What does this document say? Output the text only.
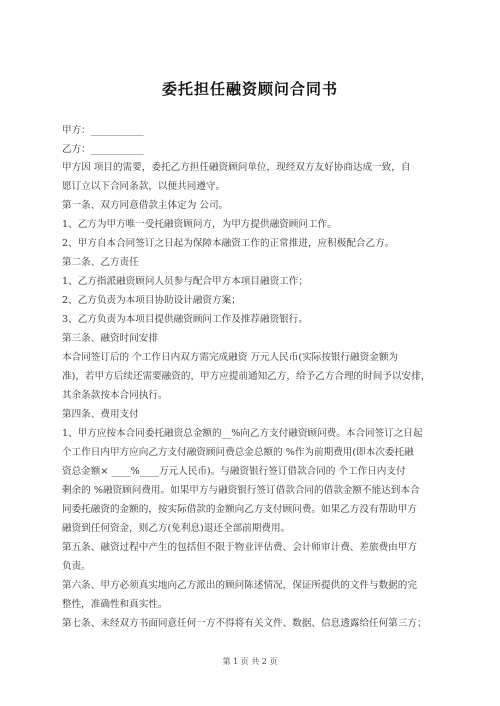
委托担任融资顾问合同书
甲方：___________
乙方：___________
甲方因 项目的需要，委托乙方担任融资顾问单位，现经双方友好协商达成一致，自
愿订立以下合同条款，以便共同遵守。
第一条、双方同意借款主体定为 公司。
1、乙方为甲方唯一受托融资顾问方，为甲方提供融资顾问工作。
2、甲方自本合同签订之日起为保障本融资工作的正常推进，应积极配合乙方。
第二条、乙方责任
1、乙方指派融资顾问人员参与配合甲方本项目融资工作；
2、乙方负责为本项目协助设计融资方案；
3、乙方负责为本项目提供融资顾问工作及推荐融资银行。
第三条、融资时间安排
本合同签订后的 个工作日内双方需完成融资 万元人民币(实际按银行融资金额为
准)，若甲方后续还需要融资的，甲方应提前通知乙方，给予乙方合理的时间予以安排，
其余条款按本合同执行。
第四条、费用支付
1、甲方应按本合同委托融资总金额的__%向乙方支付融资顾问费。本合同签订之日起
个工作日内甲方应向乙方支付融资顾问费总金总额的 %作为前期费用(即本次委托融
资总金额× ____%____万元人民币)。与融资银行签订借款合同的 个工作日内支付
剩余的 %融资顾问费用。如果甲方与融资银行签订借款合同的借款金额不能达到本合
同委托融资的金额的，按实际借款的金额向乙方支付顾问费。如果乙方没有帮助甲方
融资到任何资金，则乙方(免利息)退还全部前期费用。
第五条、融资过程中产生的包括但不限于物业评估费、会计师审计费、差旅费由甲方
负责。
第六条、甲方必须真实地向乙方派出的顾问陈述情况，保证所提供的文件与数据的完
整性，准确性和真实性。
第七条、未经双方书面同意任何一方不得将有关文件、数据、信息透露给任何第三方；
第 1 页 共 2 页
